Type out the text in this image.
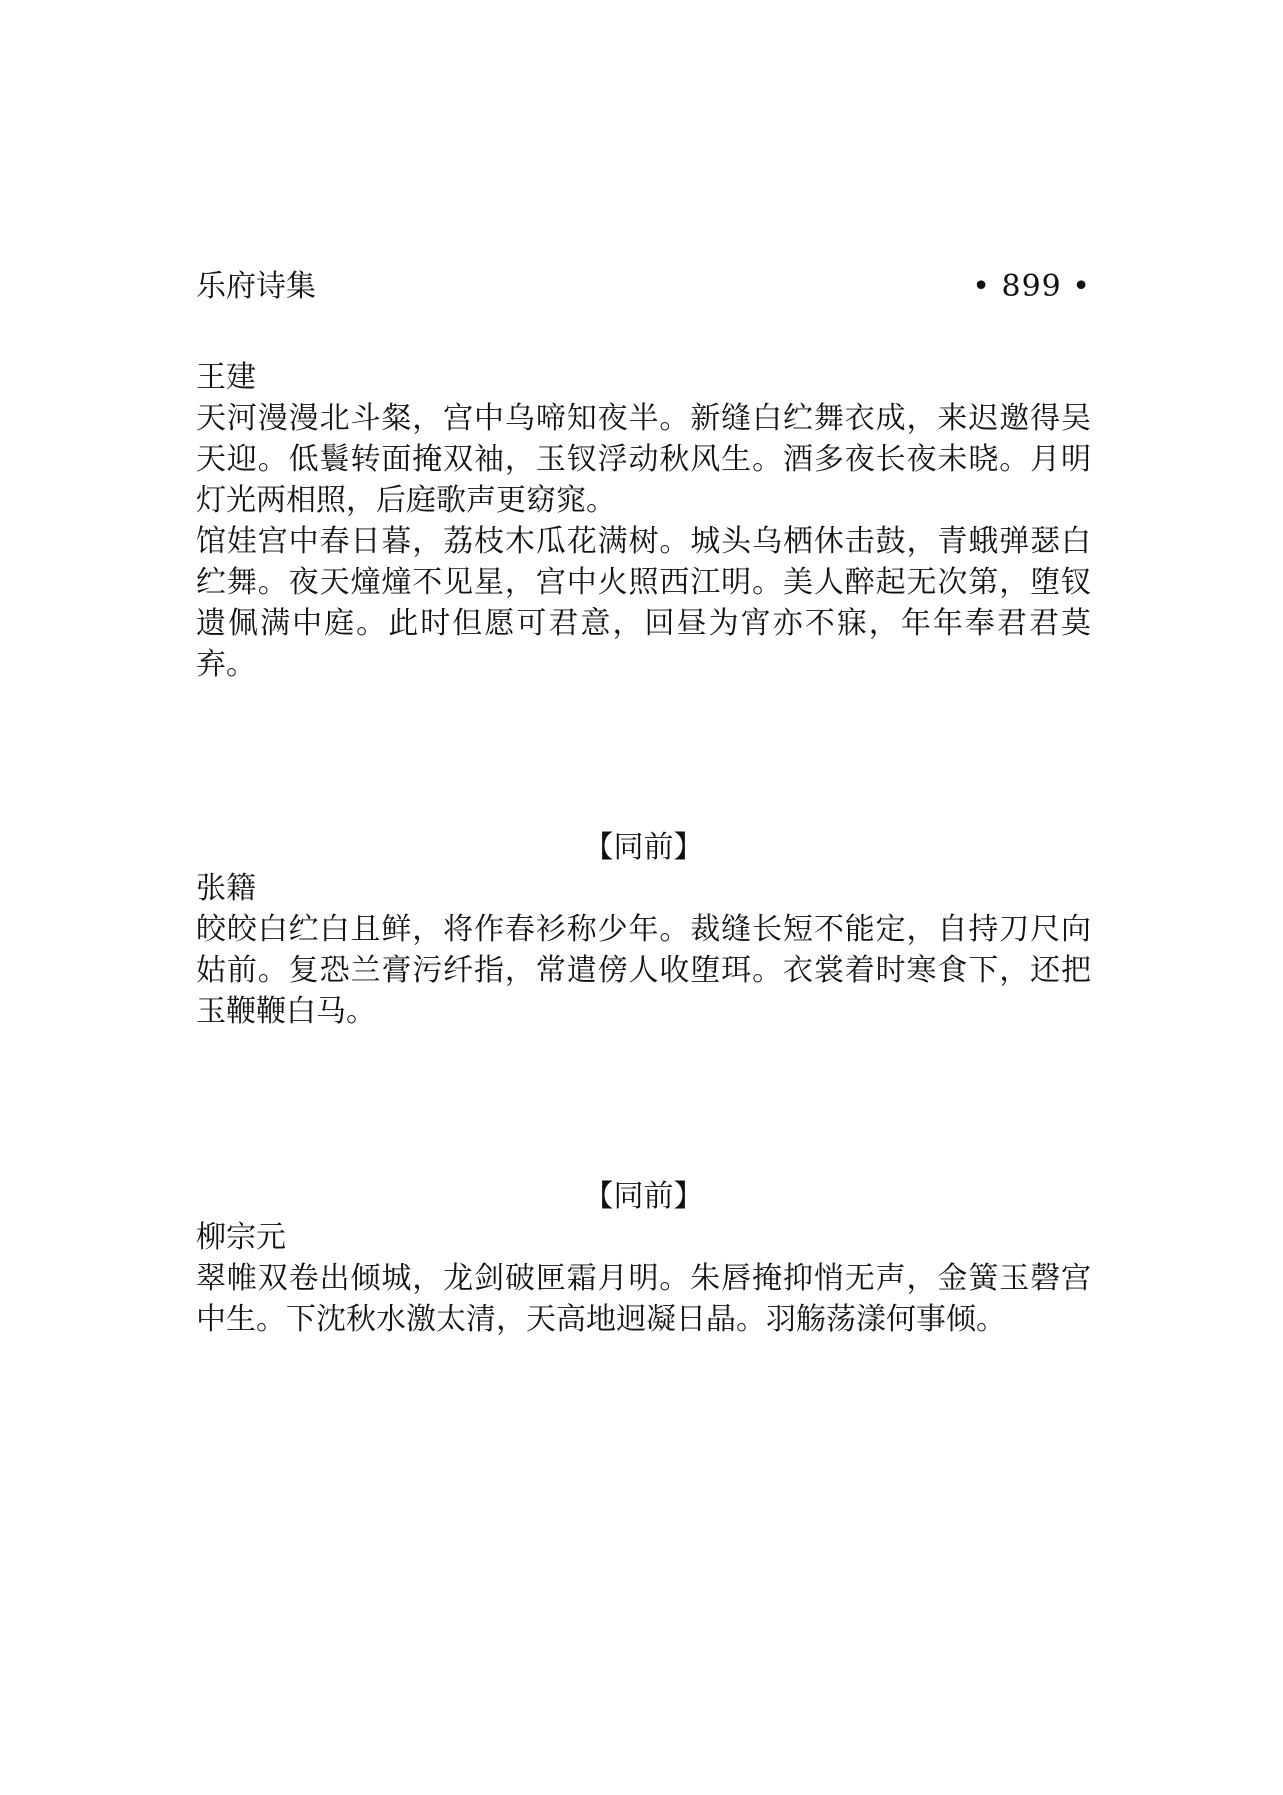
乐府诗集	• 899 •
王建

天河漫漫北斗粲，宫中乌啼知夜半。新缝白纻舞衣成，来迟邀得吴天迎。低鬟转面掩双袖，玉钗浮动秋风生。酒多夜长夜未晓。月明灯光两相照，后庭歌声更窈窕。

馆娃宫中春日暮，荔枝木瓜花满树。城头乌栖休击鼓，青蛾弹瑟白纻舞。夜天燑燑不见星，宫中火照西江明。美人醉起无次第，堕钗遗佩满中庭。此时但愿可君意，回昼为宵亦不寐，年年奉君君莫弃。

【同前】
张籍

皎皎白纻白且鲜，将作春衫称少年。裁缝长短不能定，自持刀尺向姑前。复恐兰膏污纤指，常遣傍人收堕珥。衣裳着时寒食下，还把玉鞭鞭白马。

【同前】
柳宗元

翠帷双卷出倾城，龙剑破匣霜月明。朱唇掩抑悄无声，金簧玉磬宫中生。下沈秋水激太清，天高地迥凝日晶。羽觞荡漾何事倾。
